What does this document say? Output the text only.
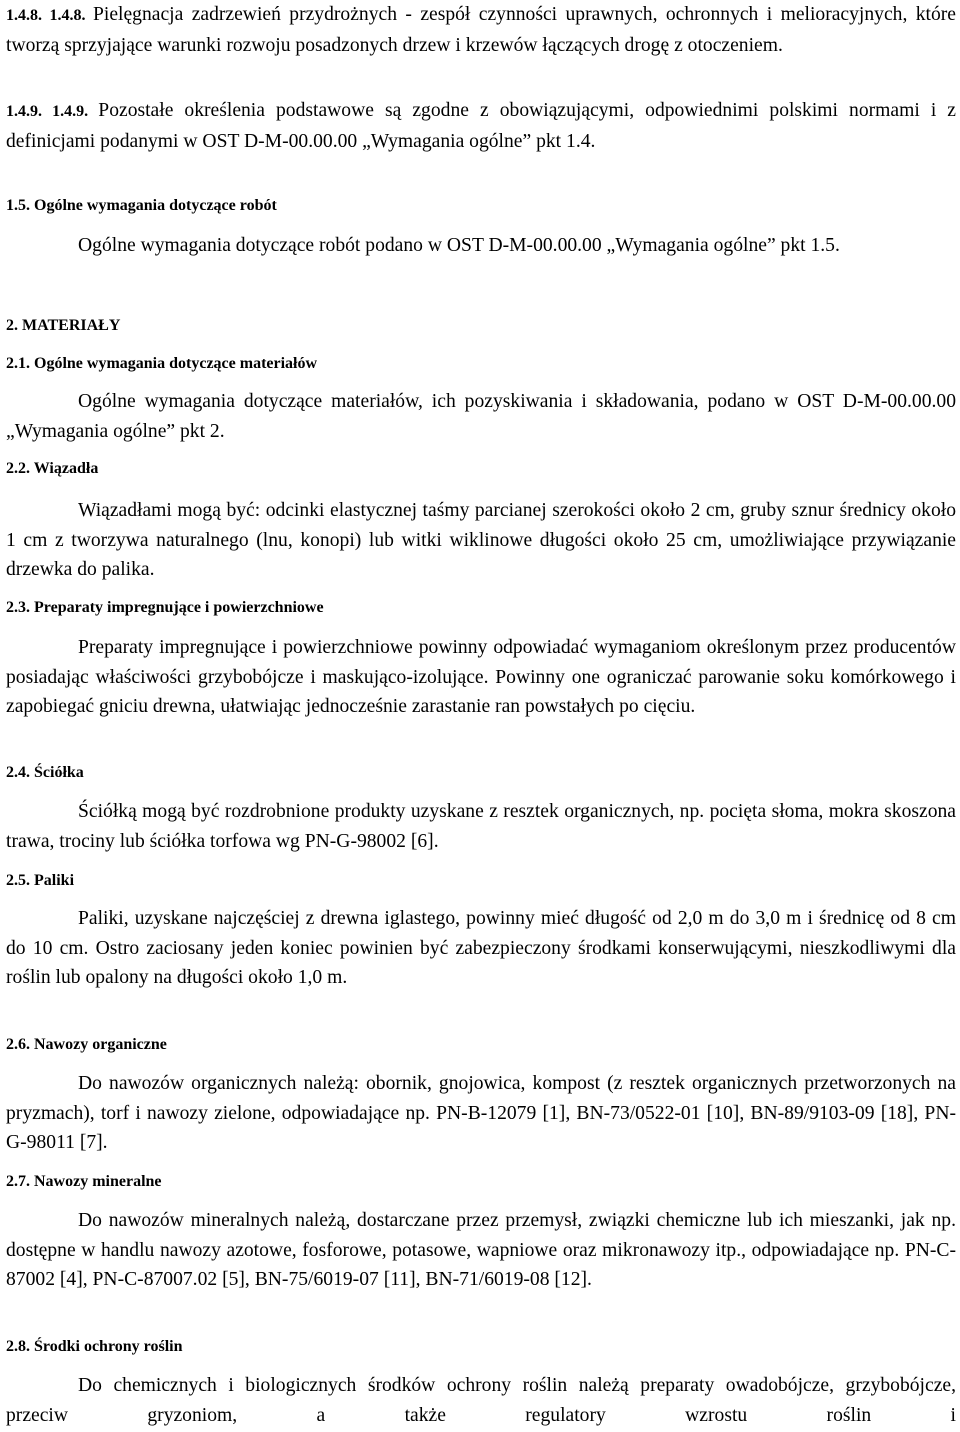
1.4.8. 1.4.8. Pielęgnacja zadrzewień przydrożnych - zespół czynności uprawnych, ochronnych i melioracyjnych, które tworzą sprzyjające warunki rozwoju posadzonych drzew i krzewów łączących drogę z otoczeniem.

1.4.9. 1.4.9. Pozostałe określenia podstawowe są zgodne z obowiązującymi, odpowiednimi polskimi normami i z definicjami podanymi w OST D-M-00.00.00 „Wymagania ogólne” pkt 1.4.

1.5. Ogólne wymagania dotyczące robót

Ogólne wymagania dotyczące robót podano w OST D-M-00.00.00 „Wymagania ogólne” pkt 1.5.

2. MATERIAŁY

2.1. Ogólne wymagania dotyczące materiałów

Ogólne wymagania dotyczące materiałów, ich pozyskiwania i składowania, podano w OST D-M-00.00.00 „Wymagania ogólne” pkt 2.

2.2. Wiązadła

Wiązadłami mogą być: odcinki elastycznej taśmy parcianej szerokości około 2 cm, gruby sznur średnicy około 1 cm z tworzywa naturalnego (lnu, konopi) lub witki wiklinowe długości około 25 cm, umożliwiające przywiązanie drzewka do palika.

2.3. Preparaty impregnujące i powierzchniowe

Preparaty impregnujące i powierzchniowe powinny odpowiadać wymaganiom określonym przez producentów posiadając właściwości grzybobójcze i maskująco-izolujące. Powinny one ograniczać parowanie soku komórkowego i zapobiegać gniciu drewna, ułatwiając jednocześnie zarastanie ran powstałych po cięciu.

2.4. Ściółka

Ściółką mogą być rozdrobnione produkty uzyskane z resztek organicznych, np. pocięta słoma, mokra skoszona trawa, trociny lub ściółka torfowa wg PN-G-98002 [6].

2.5. Paliki

Paliki, uzyskane najczęściej z drewna iglastego, powinny mieć długość od 2,0 m do 3,0 m i średnicę od 8 cm do 10 cm. Ostro zaciosany jeden koniec powinien być zabezpieczony środkami konserwującymi, nieszkodliwymi dla roślin lub opalony na długości około 1,0 m.

2.6. Nawozy organiczne

Do nawozów organicznych należą: obornik, gnojowica, kompost (z resztek organicznych przetworzonych na pryzmach), torf i nawozy zielone, odpowiadające np. PN-B-12079 [1], BN-73/0522-01 [10], BN-89/9103-09 [18], PN-G-98011 [7].

2.7. Nawozy mineralne

Do nawozów mineralnych należą, dostarczane przez przemysł, związki chemiczne lub ich mieszanki, jak np. dostępne w handlu nawozy azotowe, fosforowe, potasowe, wapniowe oraz mikronawozy itp., odpowiadające np. PN-C-87002 [4], PN-C-87007.02 [5], BN-75/6019-07 [11], BN-71/6019-08 [12].

2.8. Środki ochrony roślin

Do chemicznych i biologicznych środków ochrony roślin należą preparaty owadobójcze, grzybobójcze, przeciw gryzoniom, a także regulatory wzrostu roślin i
